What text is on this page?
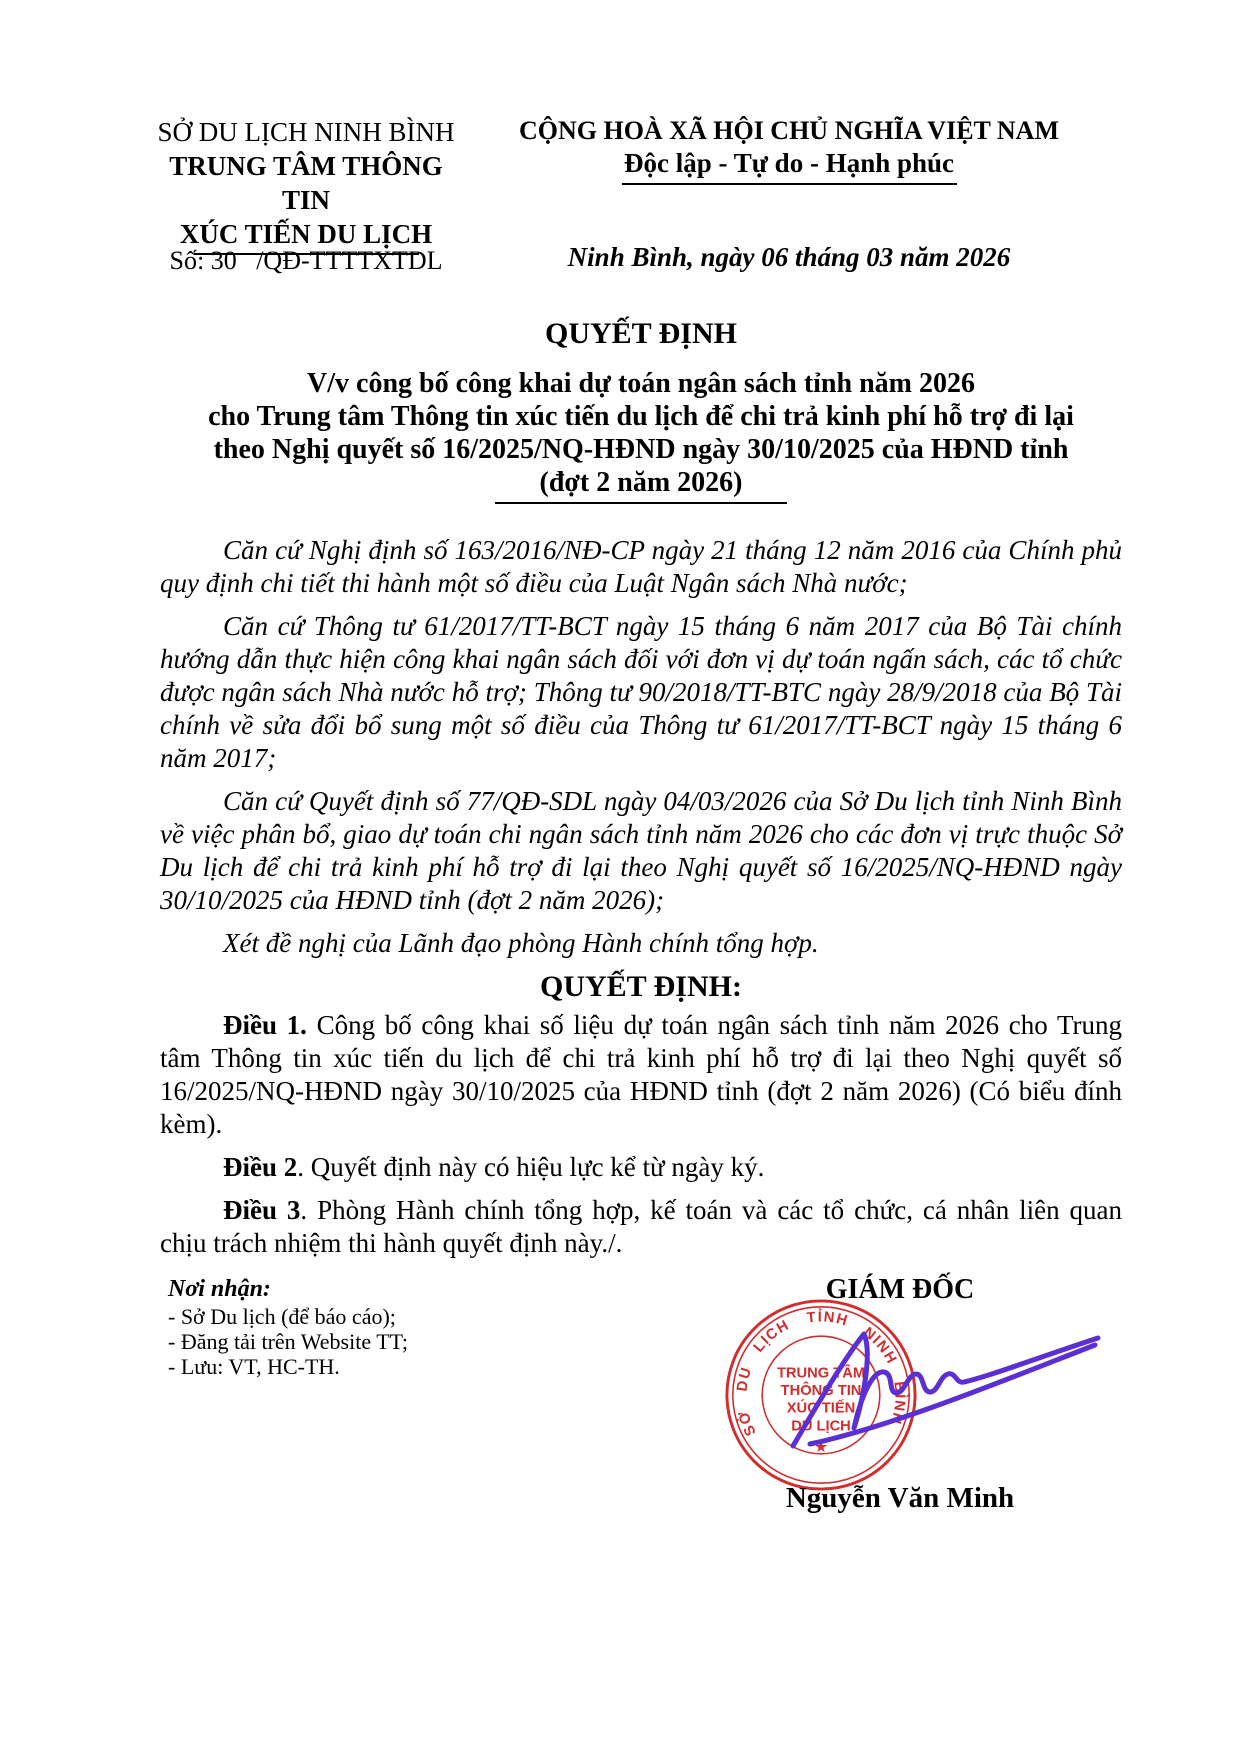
SỞ DU LỊCH NINH BÌNH
TRUNG TÂM THÔNG TIN
XÚC TIẾN DU LỊCH
CỘNG HOÀ XÃ HỘI CHỦ NGHĨA VIỆT NAM
Độc lập - Tự do - Hạnh phúc
Số: 30   /QĐ-TTTTXTDL	Ninh Bình, ngày 06 tháng 03 năm 2026

QUYẾT ĐỊNH

V/v công bố công khai dự toán ngân sách tỉnh năm 2026

cho Trung tâm Thông tin xúc tiến du lịch để chi trả kinh phí hỗ trợ đi lại

theo Nghị quyết số 16/2025/NQ-HĐND ngày 30/10/2025 của HĐND tỉnh

(đợt 2 năm 2026)

Căn cứ Nghị định số 163/2016/NĐ-CP ngày 21 tháng 12 năm 2016 của Chính phủ quy định chi tiết thi hành một số điều của Luật Ngân sách Nhà nước;

Căn cứ Thông tư 61/2017/TT-BCT ngày 15 tháng 6 năm 2017 của Bộ Tài chính hướng dẫn thực hiện công khai ngân sách đối với đơn vị dự toán ngấn sách, các tổ chức được ngân sách Nhà nước hỗ trợ; Thông tư 90/2018/TT-BTC ngày 28/9/2018 của Bộ Tài chính về sửa đổi bổ sung một số điều của Thông tư 61/2017/TT-BCT ngày 15 tháng 6 năm 2017;

Căn cứ Quyết định số 77/QĐ-SDL ngày 04/03/2026 của Sở Du lịch tỉnh Ninh Bình về việc phân bổ, giao dự toán chi ngân sách tỉnh năm 2026 cho các đơn vị trực thuộc Sở Du lịch để chi trả kinh phí hỗ trợ đi lại theo Nghị quyết số 16/2025/NQ-HĐND ngày 30/10/2025 của HĐND tỉnh (đợt 2 năm 2026);

Xét đề nghị của Lãnh đạo phòng Hành chính tổng hợp.

QUYẾT ĐỊNH:

Điều 1. Công bố công khai số liệu dự toán ngân sách tỉnh năm 2026 cho Trung tâm Thông tin xúc tiến du lịch để chi trả kinh phí hỗ trợ đi lại theo Nghị quyết số 16/2025/NQ-HĐND ngày 30/10/2025 của HĐND tỉnh (đợt 2 năm 2026) (Có biểu đính kèm).

Điều 2. Quyết định này có hiệu lực kể từ ngày ký.

Điều 3. Phòng Hành chính tổng hợp, kế toán và các tổ chức, cá nhân liên quan chịu trách nhiệm thi hành quyết định này./.

Nơi nhận:
- Sở Du lịch (để báo cáo);
- Đăng tải trên Website TT;
- Lưu: VT, HC-TH.
GIÁM ĐỐC
SỞ DU LỊCH TỈNH NINH BÌNH
TRUNG TÂM
THÔNG TIN
XÚC TIẾN
DU LỊCH
★
Nguyễn Văn Minh
